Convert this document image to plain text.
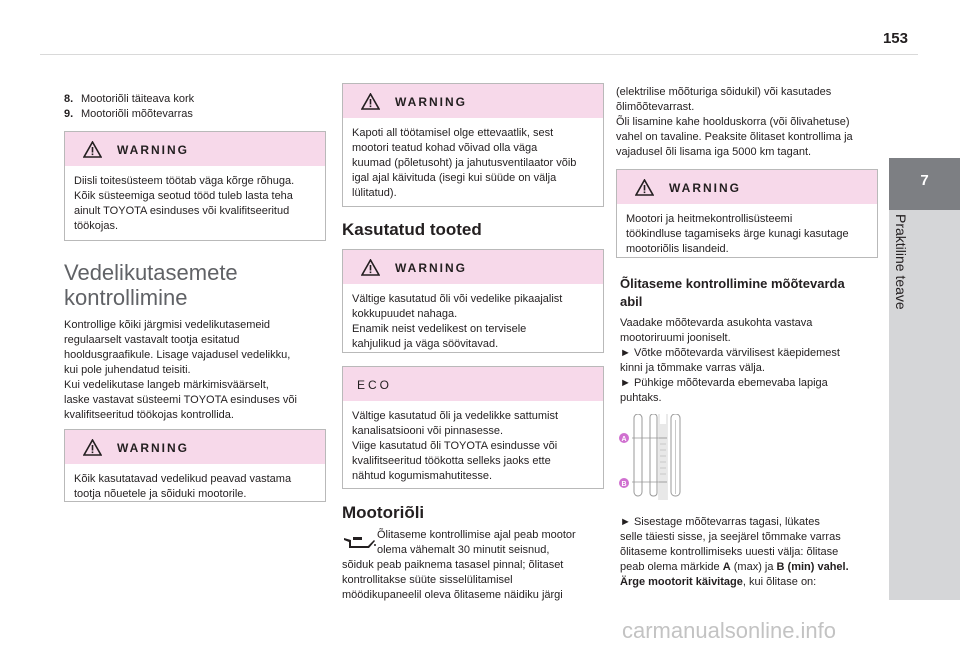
153
7
Praktiline teave
8. Mootoriõli täiteava kork
9. Mootoriõli mõõtevarras
WARNING
Diisli toitesüsteem töötab väga kõrge rõhuga.
Kõik süsteemiga seotud tööd tuleb lasta teha
ainult TOYOTA esinduses või kvalifitseeritud
töökojas.
Vedelikutasemete
kontrollimine
Kontrollige kõiki järgmisi vedelikutasemeid
regulaarselt vastavalt tootja esitatud
hooldusgraafikule. Lisage vajadusel vedelikku,
kui pole juhendatud teisiti.
Kui vedelikutase langeb märkimisväärselt,
laske vastavat süsteemi TOYOTA esinduses või
kvalifitseeritud töökojas kontrollida.
WARNING
Kõik kasutatavad vedelikud peavad vastama
tootja nõuetele ja sõiduki mootorile.
WARNING
Kapoti all töötamisel olge ettevaatlik, sest
mootori teatud kohad võivad olla väga
kuumad (põletusoht) ja jahutusventilaator võib
igal ajal käivituda (isegi kui süüde on välja
lülitatud).
Kasutatud tooted
WARNING
Vältige kasutatud õli või vedelike pikaajalist
kokkupuudet nahaga.
Enamik neist vedelikest on tervisele
kahjulikud ja väga söövitavad.
ECO
Vältige kasutatud õli ja vedelikke sattumist
kanalisatsiooni või pinnasesse.
Viige kasutatud õli TOYOTA esindusse või
kvalifitseeritud töökotta selleks jaoks ette
nähtud kogumismahutitesse.
Mootoriõli
Õlitaseme kontrollimise ajal peab mootor
olema vähemalt 30 minutit seisnud,
sõiduk peab paiknema tasasel pinnal; õlitaset
kontrollitakse süüte sisselülitamisel
möödikupaneelil oleva õlitaseme näidiku järgi
(elektrilise mõõturiga sõidukil) või kasutades
õlimõõtevarrast.
Õli lisamine kahe hoolduskorra (või õlivahetuse)
vahel on tavaline. Peaksite õlitaset kontrollima ja
vajadusel õli lisama iga 5000 km tagant.
WARNING
Mootori ja heitmekontrollisüsteemi
töökindluse tagamiseks ärge kunagi kasutage
mootoriõlis lisandeid.
Õlitaseme kontrollimine mõõtevarda
abil
Vaadake mõõtevarda asukohta vastava
mootoriruumi jooniselt.
► Võtke mõõtevarda värvilisest käepidemest
kinni ja tõmmake varras välja.
► Pühkige mõõtevarda ebemevaba lapiga
puhtaks.
A
B
► Sisestage mõõtevarras tagasi, lükates
selle täiesti sisse, ja seejärel tõmmake varras
õlitaseme kontrollimiseks uuesti välja: õlitase
peab olema märkide A (max) ja B (min) vahel.
Ärge mootorit käivitage, kui õlitase on:
carmanualsonline.info
